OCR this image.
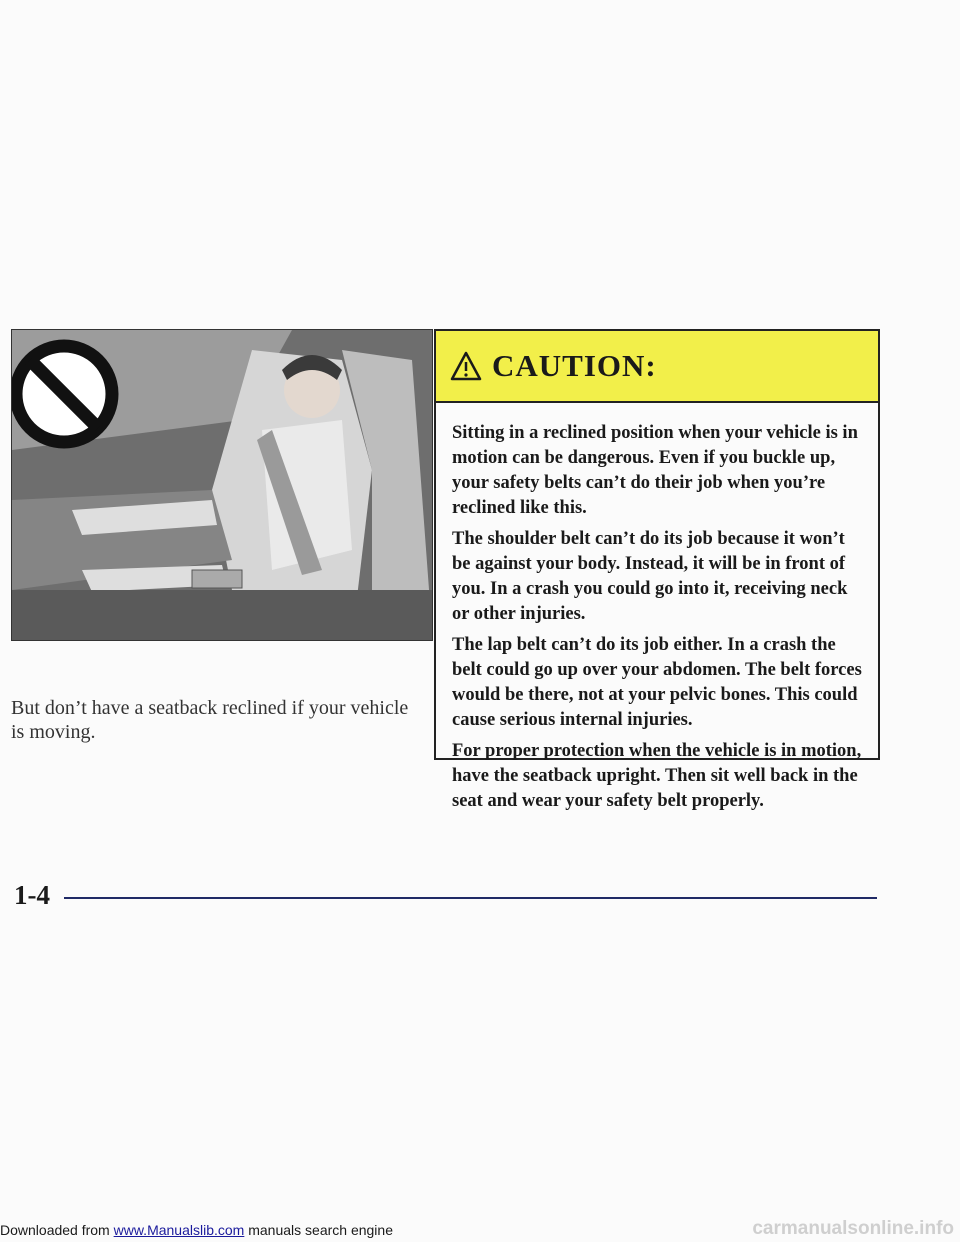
But don’t have a seatback reclined if your vehicle is moving.

CAUTION:

Sitting in a reclined position when your vehicle is in motion can be dangerous. Even if you buckle up, your safety belts can’t do their job when you’re reclined like this.

The shoulder belt can’t do its job because it won’t be against your body. Instead, it will be in front of you. In a crash you could go into it, receiving neck or other injuries.

The lap belt can’t do its job either. In a crash the belt could go up over your abdomen. The belt forces would be there, not at your pelvic bones. This could cause serious internal injuries.

For proper protection when the vehicle is in motion, have the seatback upright. Then sit well back in the seat and wear your safety belt properly.

1-4
Downloaded from www.Manualslib.com manuals search engine	carmanualsonline.info
